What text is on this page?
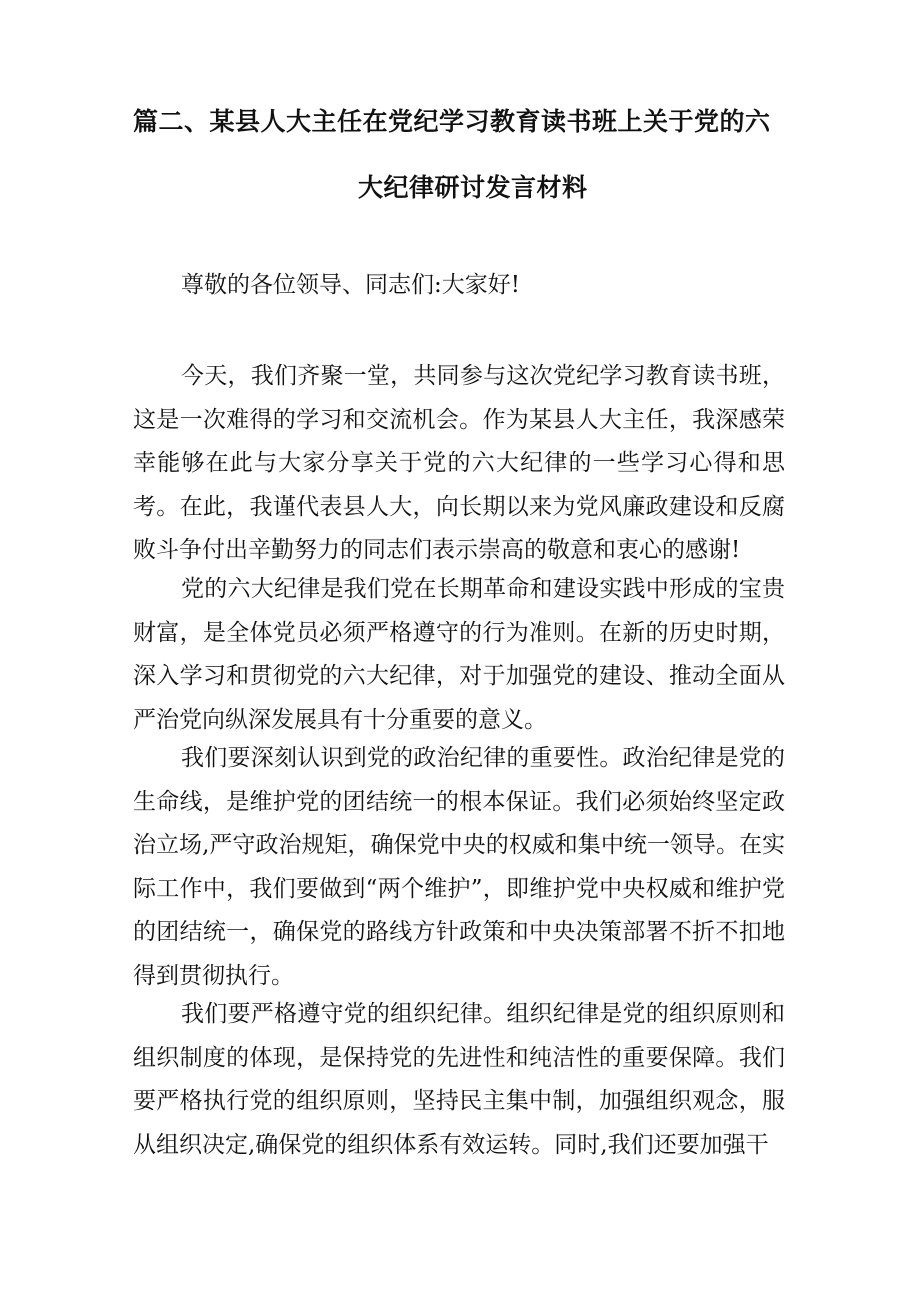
篇二、某县人大主任在党纪学习教育读书班上关于党的六
大纪律研讨发言材料
尊敬的各位领导、同志们:大家好!

今天，我们齐聚一堂，共同参与这次党纪学习教育读书班，这是一次难得的学习和交流机会。作为某县人大主任，我深感荣幸能够在此与大家分享关于党的六大纪律的一些学习心得和思考。在此，我谨代表县人大，向长期以来为党风廉政建设和反腐败斗争付出辛勤努力的同志们表示崇高的敬意和衷心的感谢!

党的六大纪律是我们党在长期革命和建设实践中形成的宝贵财富，是全体党员必须严格遵守的行为准则。在新的历史时期，深入学习和贯彻党的六大纪律，对于加强党的建设、推动全面从严治党向纵深发展具有十分重要的意义。

我们要深刻认识到党的政治纪律的重要性。政治纪律是党的生命线，是维护党的团结统一的根本保证。我们必须始终坚定政治立场,严守政治规矩，确保党中央的权威和集中统一领导。在实际工作中，我们要做到“两个维护”，即维护党中央权威和维护党的团结统一，确保党的路线方针政策和中央决策部署不折不扣地得到贯彻执行。

我们要严格遵守党的组织纪律。组织纪律是党的组织原则和组织制度的体现，是保持党的先进性和纯洁性的重要保障。我们要严格执行党的组织原则，坚持民主集中制，加强组织观念，服从组织决定,确保党的组织体系有效运转。同时,我们还要加强干
